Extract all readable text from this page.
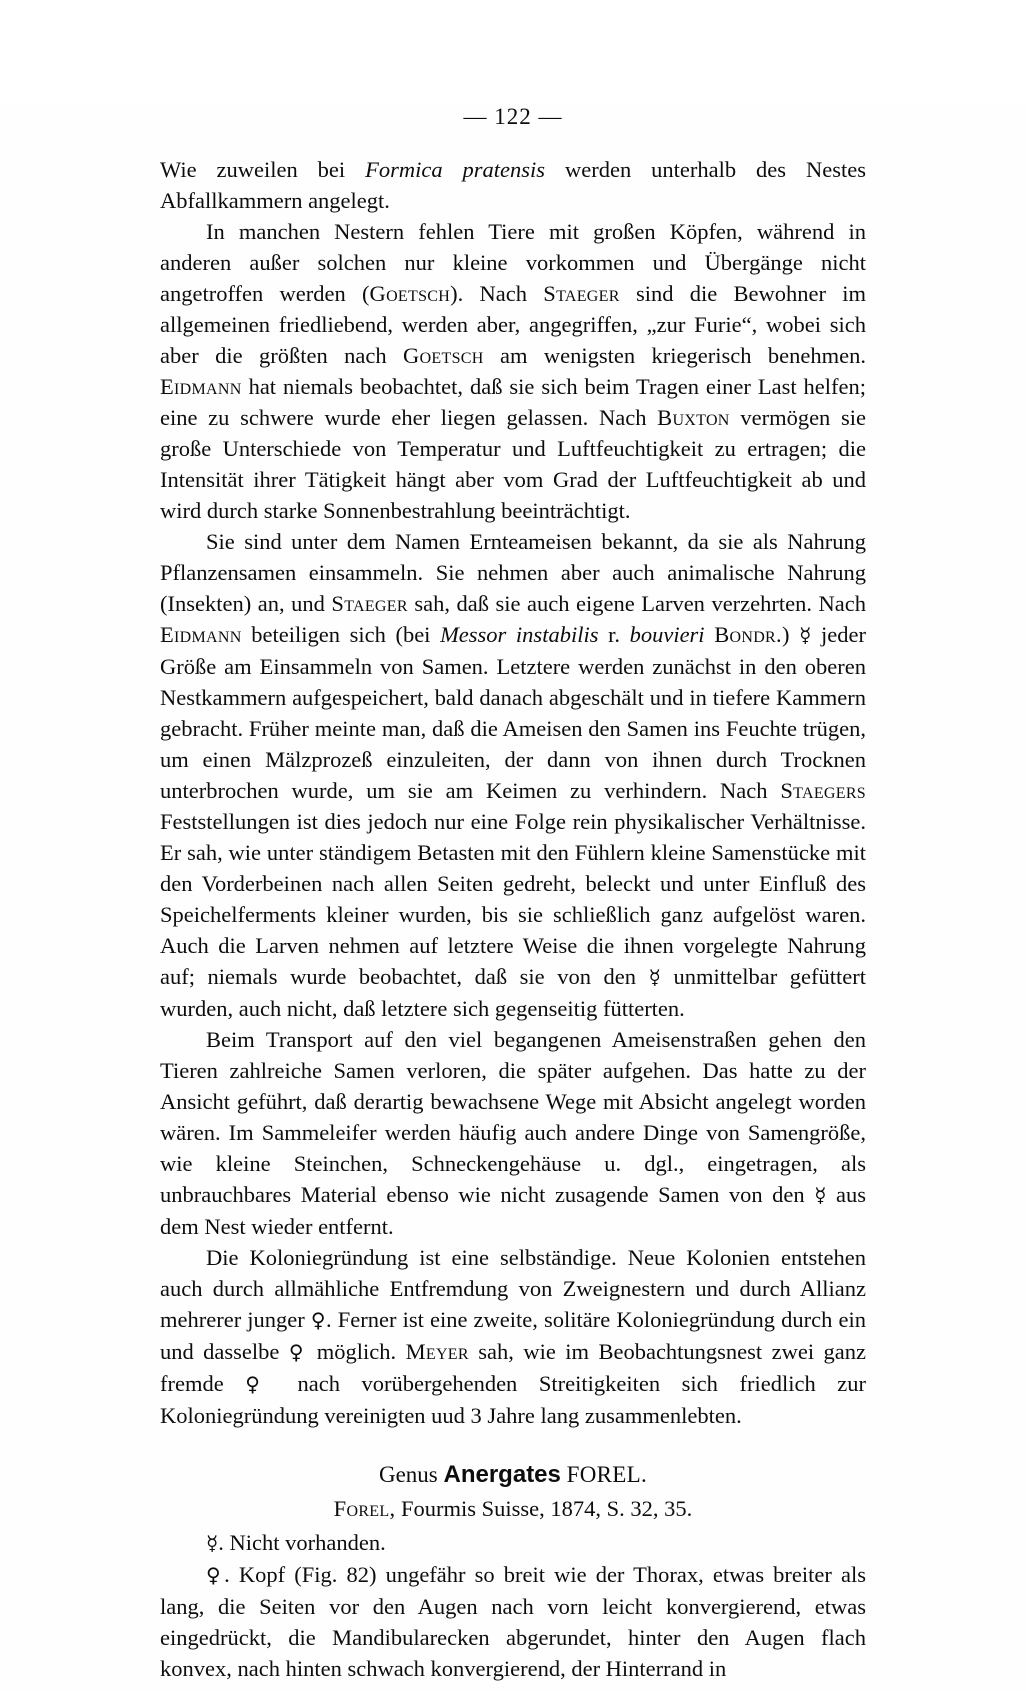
— 122 —

Wie zuweilen bei Formica pratensis werden unterhalb des Nestes Abfallkammern angelegt.

In manchen Nestern fehlen Tiere mit großen Köpfen, während in anderen außer solchen nur kleine vorkommen und Übergänge nicht angetroffen werden (Goetsch). Nach Staeger sind die Bewohner im allgemeinen friedliebend, werden aber, angegriffen, „zur Furie“, wobei sich aber die größten nach Goetsch am wenigsten kriegerisch benehmen. Eidmann hat niemals beobachtet, daß sie sich beim Tragen einer Last helfen; eine zu schwere wurde eher liegen gelassen. Nach Buxton vermögen sie große Unterschiede von Temperatur und Luftfeuchtigkeit zu ertragen; die Intensität ihrer Tätigkeit hängt aber vom Grad der Luftfeuchtigkeit ab und wird durch starke Sonnenbestrahlung beeinträchtigt.

Sie sind unter dem Namen Ernteameisen bekannt, da sie als Nahrung Pflanzensamen einsammeln. Sie nehmen aber auch animalische Nahrung (Insekten) an, und Staeger sah, daß sie auch eigene Larven verzehrten. Nach Eidmann beteiligen sich (bei Messor instabilis r. bouvieri Bondr.) ☿ jeder Größe am Einsammeln von Samen. Letztere werden zunächst in den oberen Nestkammern aufgespeichert, bald danach abgeschält und in tiefere Kammern gebracht. Früher meinte man, daß die Ameisen den Samen ins Feuchte trügen, um einen Mälzprozeß einzuleiten, der dann von ihnen durch Trocknen unterbrochen wurde, um sie am Keimen zu verhindern. Nach Staegers Feststellungen ist dies jedoch nur eine Folge rein physikalischer Verhältnisse. Er sah, wie unter ständigem Betasten mit den Fühlern kleine Samenstücke mit den Vorderbeinen nach allen Seiten gedreht, beleckt und unter Einfluß des Speichelferments kleiner wurden, bis sie schließlich ganz aufgelöst waren. Auch die Larven nehmen auf letztere Weise die ihnen vorgelegte Nahrung auf; niemals wurde beobachtet, daß sie von den ☿ unmittelbar gefüttert wurden, auch nicht, daß letztere sich gegenseitig fütterten.

Beim Transport auf den viel begangenen Ameisenstraßen gehen den Tieren zahlreiche Samen verloren, die später aufgehen. Das hatte zu der Ansicht geführt, daß derartig bewachsene Wege mit Absicht angelegt worden wären. Im Sammeleifer werden häufig auch andere Dinge von Samengröße, wie kleine Steinchen, Schneckengehäuse u. dgl., eingetragen, als unbrauchbares Material ebenso wie nicht zusagende Samen von den ☿ aus dem Nest wieder entfernt.

Die Koloniegründung ist eine selbständige. Neue Kolonien entstehen auch durch allmähliche Entfremdung von Zweignestern und durch Allianz mehrerer junger ♀. Ferner ist eine zweite, solitäre Koloniegründung durch ein und dasselbe ♀ möglich. Meyer sah, wie im Beobachtungsnest zwei ganz fremde ♀ nach vorübergehenden Streitigkeiten sich friedlich zur Koloniegründung vereinigten uud 3 Jahre lang zusammenlebten.

Genus Anergates FOREL.
Forel, Fourmis Suisse, 1874, S. 32, 35.

☿. Nicht vorhanden.

♀. Kopf (Fig. 82) ungefähr so breit wie der Thorax, etwas breiter als lang, die Seiten vor den Augen nach vorn leicht konvergierend, etwas eingedrückt, die Mandibularecken abgerundet, hinter den Augen flach konvex, nach hinten schwach konvergierend, der Hinterrand in
